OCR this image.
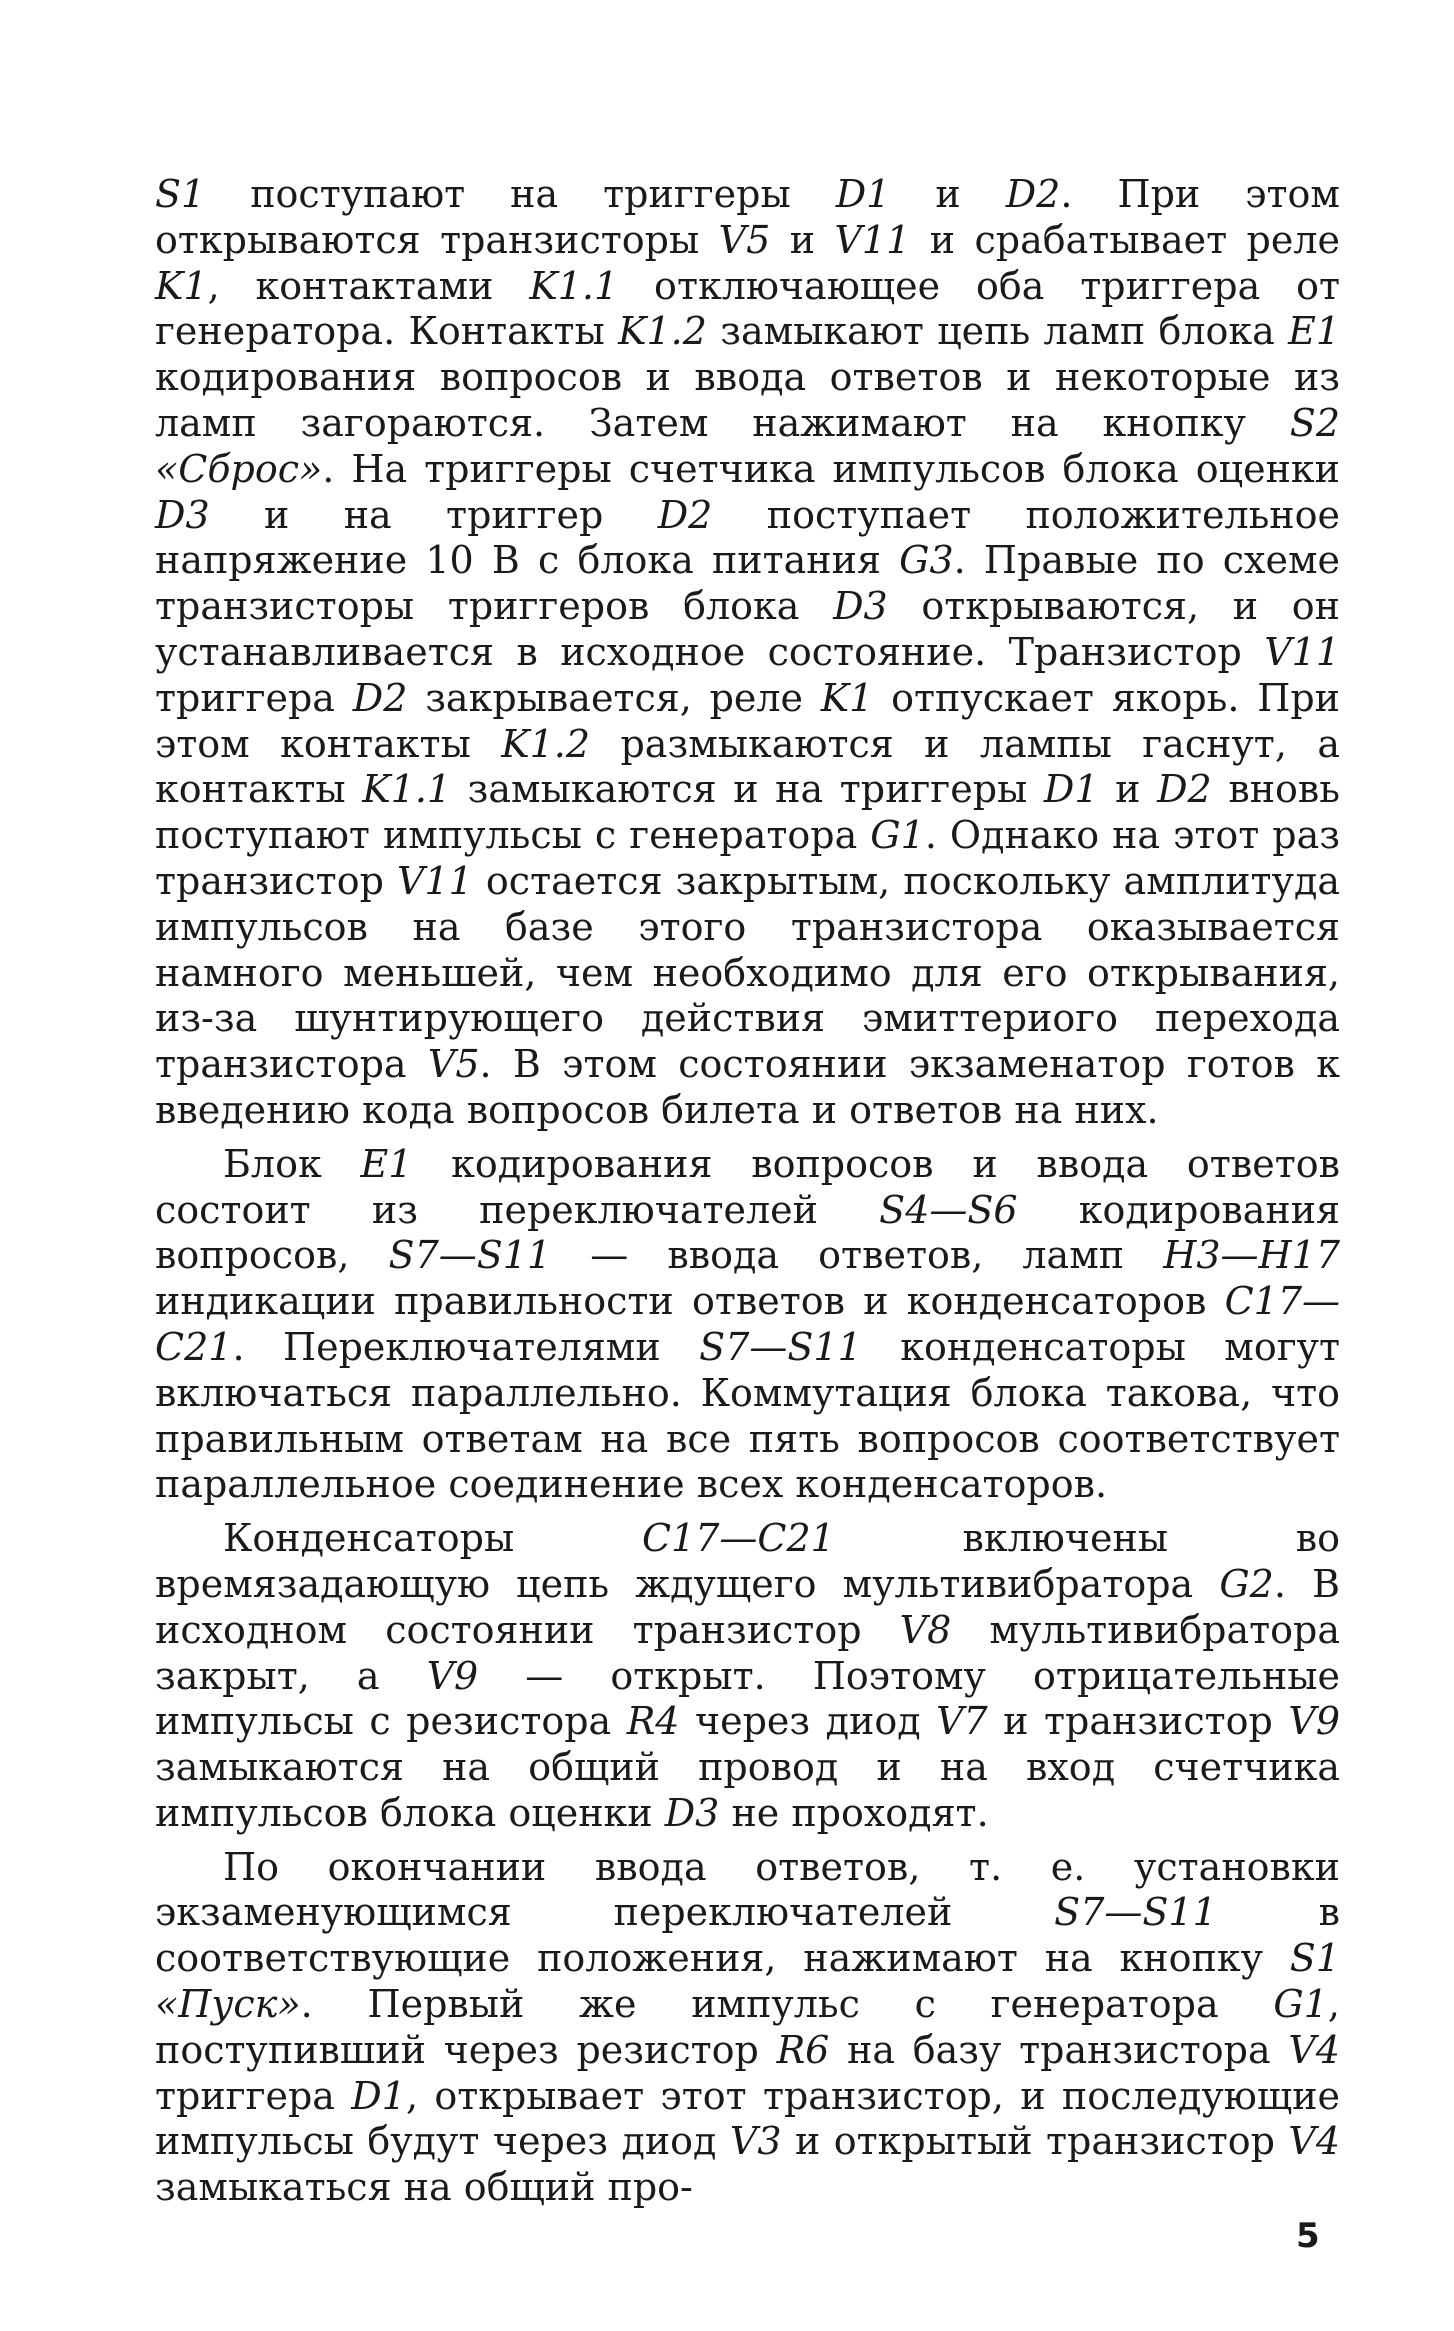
S1 поступают на триггеры D1 и D2. При этом открываются транзисторы V5 и V11 и срабатывает реле K1, контактами K1.1 отключающее оба триггера от генератора. Контакты K1.2 замыкают цепь ламп блока E1 кодирования вопросов и ввода ответов и некоторые из ламп загораются. Затем нажимают на кнопку S2 «Сброс». На триггеры счетчика импульсов блока оценки D3 и на триггер D2 поступает положительное напряжение 10 В с блока питания G3. Правые по схеме транзисторы триггеров блока D3 открываются, и он устанавливается в исходное состояние. Транзистор V11 триггера D2 закрывается, реле K1 отпускает якорь. При этом контакты K1.2 размыкаются и лампы гаснут, а контакты K1.1 замыкаются и на триггеры D1 и D2 вновь поступают импульсы с генератора G1. Однако на этот раз транзистор V11 остается закрытым, поскольку амплитуда импульсов на базе этого транзистора оказывается намного меньшей, чем необходимо для его открывания, из-за шунтирующего действия эмиттериого перехода транзистора V5. В этом состоянии экзаменатор готов к введению кода вопросов билета и ответов на них.

Блок E1 кодирования вопросов и ввода ответов состоит из переключателей S4—S6 кодирования вопросов, S7—S11 — ввода ответов, ламп H3—H17 индикации правильности ответов и конденсаторов C17—C21. Переключателями S7—S11 конденсаторы могут включаться параллельно. Коммутация блока такова, что правильным ответам на все пять вопросов соответствует параллельное соединение всех конденсаторов.

Конденсаторы C17—C21 включены во времязадающую цепь ждущего мультивибратора G2. В исходном состоянии транзистор V8 мультивибратора закрыт, а V9 — открыт. Поэтому отрицательные импульсы с резистора R4 через диод V7 и транзистор V9 замыкаются на общий провод и на вход счетчика импульсов блока оценки D3 не проходят.

По окончании ввода ответов, т. е. установки экзаменующимся переключателей S7—S11 в соответствующие положения, нажимают на кнопку S1 «Пуск». Первый же импульс с генератора G1, поступивший через резистор R6 на базу транзистора V4 триггера D1, открывает этот транзистор, и последующие импульсы будут через диод V3 и открытый транзистор V4 замыкаться на общий про-

5
